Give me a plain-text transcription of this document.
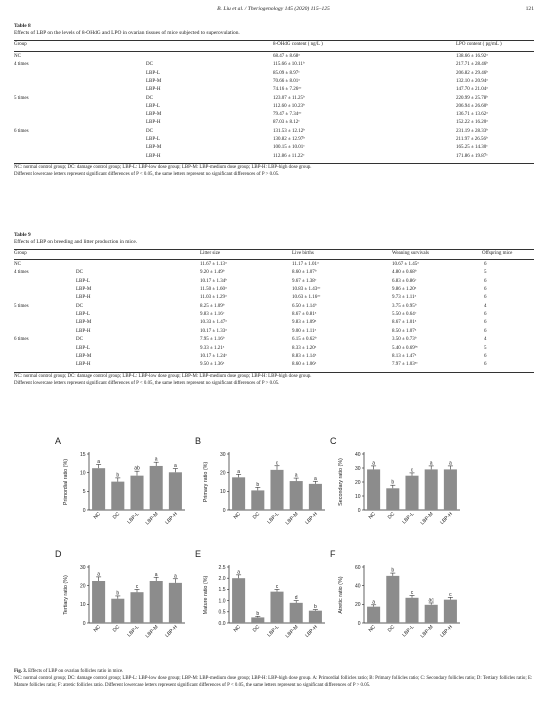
B. Liu et al. / Theriogenology 145 (2020) 115–125	121
Table 8
Effects of LBP on the levels of 8-OHdG and LPO in ovarian tissues of mice subjected to superovulation.
Group	8-OHdG content ( ng/L )	LPO content ( pg/mL )
NC	68.47 ± 8.68$^a$	138.66 ± 16.92$^a$
4 times	DC	115.66 ± 10.11$^b$	217.71 ± 28.46$^b$
LBP-L	85.09 ± 8.97$^c$	206.82 ± 29.46$^b$
LBP-M	70.66 ± 8.01$^a$	132.10 ± 20.94$^a$
LBP-H	74.16 ± 7.26$^{ac}$	147.70 ± 21.04$^a$
5 times	DC	123.07 ± 11.25$^b$	220.99 ± 25.78$^b$
LBP-L	112.60 ± 10.23$^b$	206.94 ± 26.60$^b$
LBP-M	79.47 ± 7.34$^{ac}$	136.71 ± 13.62$^a$
LBP-H	87.03 ± 8.12$^c$	152.22 ± 16.20$^a$
6 times	DC	131.53 ± 12.12$^b$	231.19 ± 28.33$^b$
LBP-L	130.82 ± 12.97$^b$	211.97 ± 26.56$^b$
LBP-M	100.15 ± 10.01$^c$	165.25 ± 14.30$^c$
LBP-H	112.86 ± 11.22$^c$	171.86 ± 19.87$^c$
NC: normal control group; DC: damage control group; LBP-L: LBP-low dose group; LBP-M: LBP-medium dose group; LBP-H: LBP-high dose group.
Different lowercase letters represent significant differences of P < 0.05, the same letters represent no significant differences of P > 0.05.
Table 9
Effects of LBP on breeding and litter production in mice.
Group	Litter size	Live births	Weaning survivals	Offspring mice
NC	11.67 ± 1.13$^a$	11.17 ± 1.01$^a$	10.67 ± 1.45$^a$	6
4 times	DC	9.20 ± 1.49$^b$	8.60 ± 1.07$^b$	4.80 ± 0.68$^b$	5
LBP-L	10.17 ± 1.34$^b$	9.67 ± 1.38$^c$	6.83 ± 0.86$^c$	6
LBP-M	11.50 ± 1.60$^a$	10.83 ± 1.43$^{ac}$	9.86 ± 1.20$^a$	6
LBP-H	11.03 ± 1.29$^a$	10.63 ± 1.16$^{ac}$	9.73 ± 1.11$^a$	6
5 times	DC	8.25 ± 1.09$^b$	6.50 ± 1.14$^b$	3.75 ± 0.95$^b$	4
LBP-L	9.83 ± 1.16$^c$	8.67 ± 0.81$^a$	5.50 ± 0.64$^c$	6
LBP-M	10.33 ± 1.47$^a$	9.83 ± 1.09$^a$	8.67 ± 1.01$^a$	6
LBP-H	10.17 ± 1.33$^a$	9.00 ± 1.11$^a$	8.50 ± 1.07$^a$	6
6 times	DC	7.95 ± 1.16$^b$	6.15 ± 0.62$^b$	3.50 ± 0.73$^b$	4
LBP-L	9.33 ± 1.21$^a$	8.33 ± 1.20$^a$	5.40 ± 0.69$^{bc}$	5
LBP-M	10.17 ± 1.24$^a$	8.83 ± 1.14$^a$	8.13 ± 1.47$^a$	6
LBP-H	9.50 ± 1.36$^a$	8.60 ± 1.06$^a$	7.97 ± 1.03$^{ac}$	6
NC: normal control group; DC: damage control group; LBP-L: LBP-low dose group; LBP-M: LBP-medium dose group; LBP-H: LBP-high dose group.
Different lowercase letters represent significant differences of P < 0.05, the same letters represent no significant differences of P > 0.05.
A
0
5
10
15
Primordial ratio (%)	a
NC
b
DC
ab
LBP-L
a
LBP-M
a
LBP-H
B
0
10
20
30
Primary ratio (%)	a
NC
b
DC
c
LBP-L
a
LBP-M
a
LBP-H
C
0
10
20
30
40
Secondary ratio (%)	a
NC
b
DC
c
LBP-L
a
LBP-M
a
LBP-H
D
0
10
20
30
Tertiary ratio (%)
a
NC
b
DC
c
LBP-L
a
LBP-M
a
LBP-H
E
0.0
0.5
1.0
1.5
2.0
2.5
Mature ratio (%)
a
NC
b
DC
c
LBP-L
d
LBP-M
b
LBP-H
F
0
20
40
60
Atretic ratio (%)	a
NC
b
DC
c
LBP-L
ac
LBP-M
c
LBP-H
Fig. 3. Effects of LBP on ovarian follicles ratio in mice.
NC: normal control group; DC: damage control group; LBP-L: LBP-low dose group; LBP-M: LBP-medium dose group; LBP-H: LBP-high dose group. A: Primordial follicles ratio; B: Primary follicles ratio; C: Secondary follicles ratio; D: Tertiary follicles ratio; E: Mature follicles ratio; F: atretic follicles ratio. Different lowercase letters represent significant differences of P < 0.05, the same letters represent no significant differences of P > 0.05.
